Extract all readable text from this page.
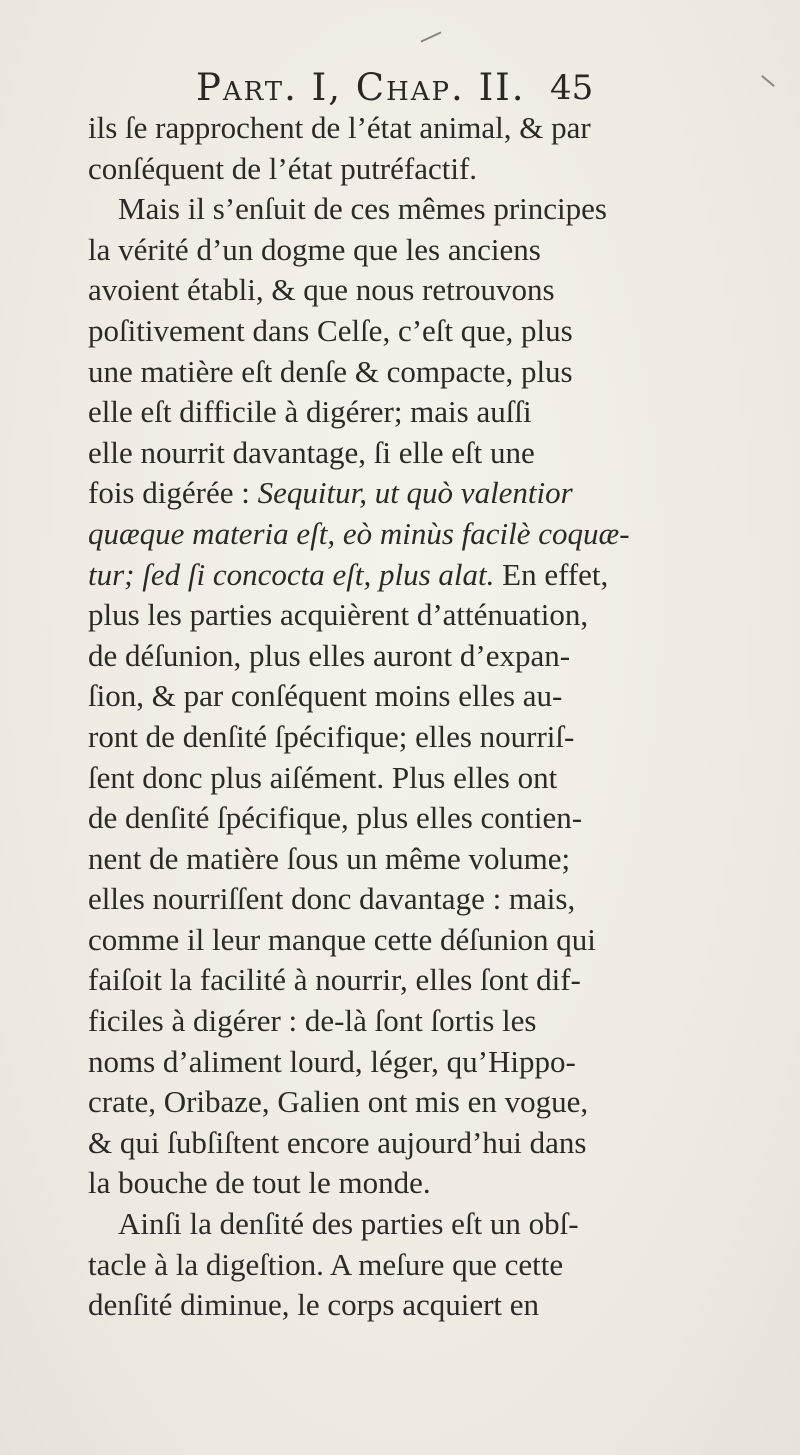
Part. I, Chap. II. 45
ils ſe rapprochent de l’état animal, & par
conſéquent de l’état putréfactif.
Mais il s’enſuit de ces mêmes principes
la vérité d’un dogme que les anciens
avoient établi, & que nous retrouvons
poſitivement dans Celſe, c’eſt que, plus
une matière eſt denſe & compacte, plus
elle eſt difficile à digérer; mais auſſi
elle nourrit davantage, ſi elle eſt une
fois digérée : Sequitur, ut quò valentior
quæque materia eſt, eò minùs facilè coquæ-
tur; ſed ſi concocta eſt, plus alat. En effet,
plus les parties acquièrent d’atténuation,
de déſunion, plus elles auront d’expan-
ſion, & par conſéquent moins elles au-
ront de denſité ſpécifique; elles nourriſ-
ſent donc plus aiſément. Plus elles ont
de denſité ſpécifique, plus elles contien-
nent de matière ſous un même volume;
elles nourriſſent donc davantage : mais,
comme il leur manque cette déſunion qui
faiſoit la facilité à nourrir, elles ſont dif-
ficiles à digérer : de-là ſont ſortis les
noms d’aliment lourd, léger, qu’Hippo-
crate, Oribaze, Galien ont mis en vogue,
& qui ſubſiſtent encore aujourd’hui dans
la bouche de tout le monde.
Ainſi la denſité des parties eſt un obſ-
tacle à la digeſtion. A meſure que cette
denſité diminue, le corps acquiert en
